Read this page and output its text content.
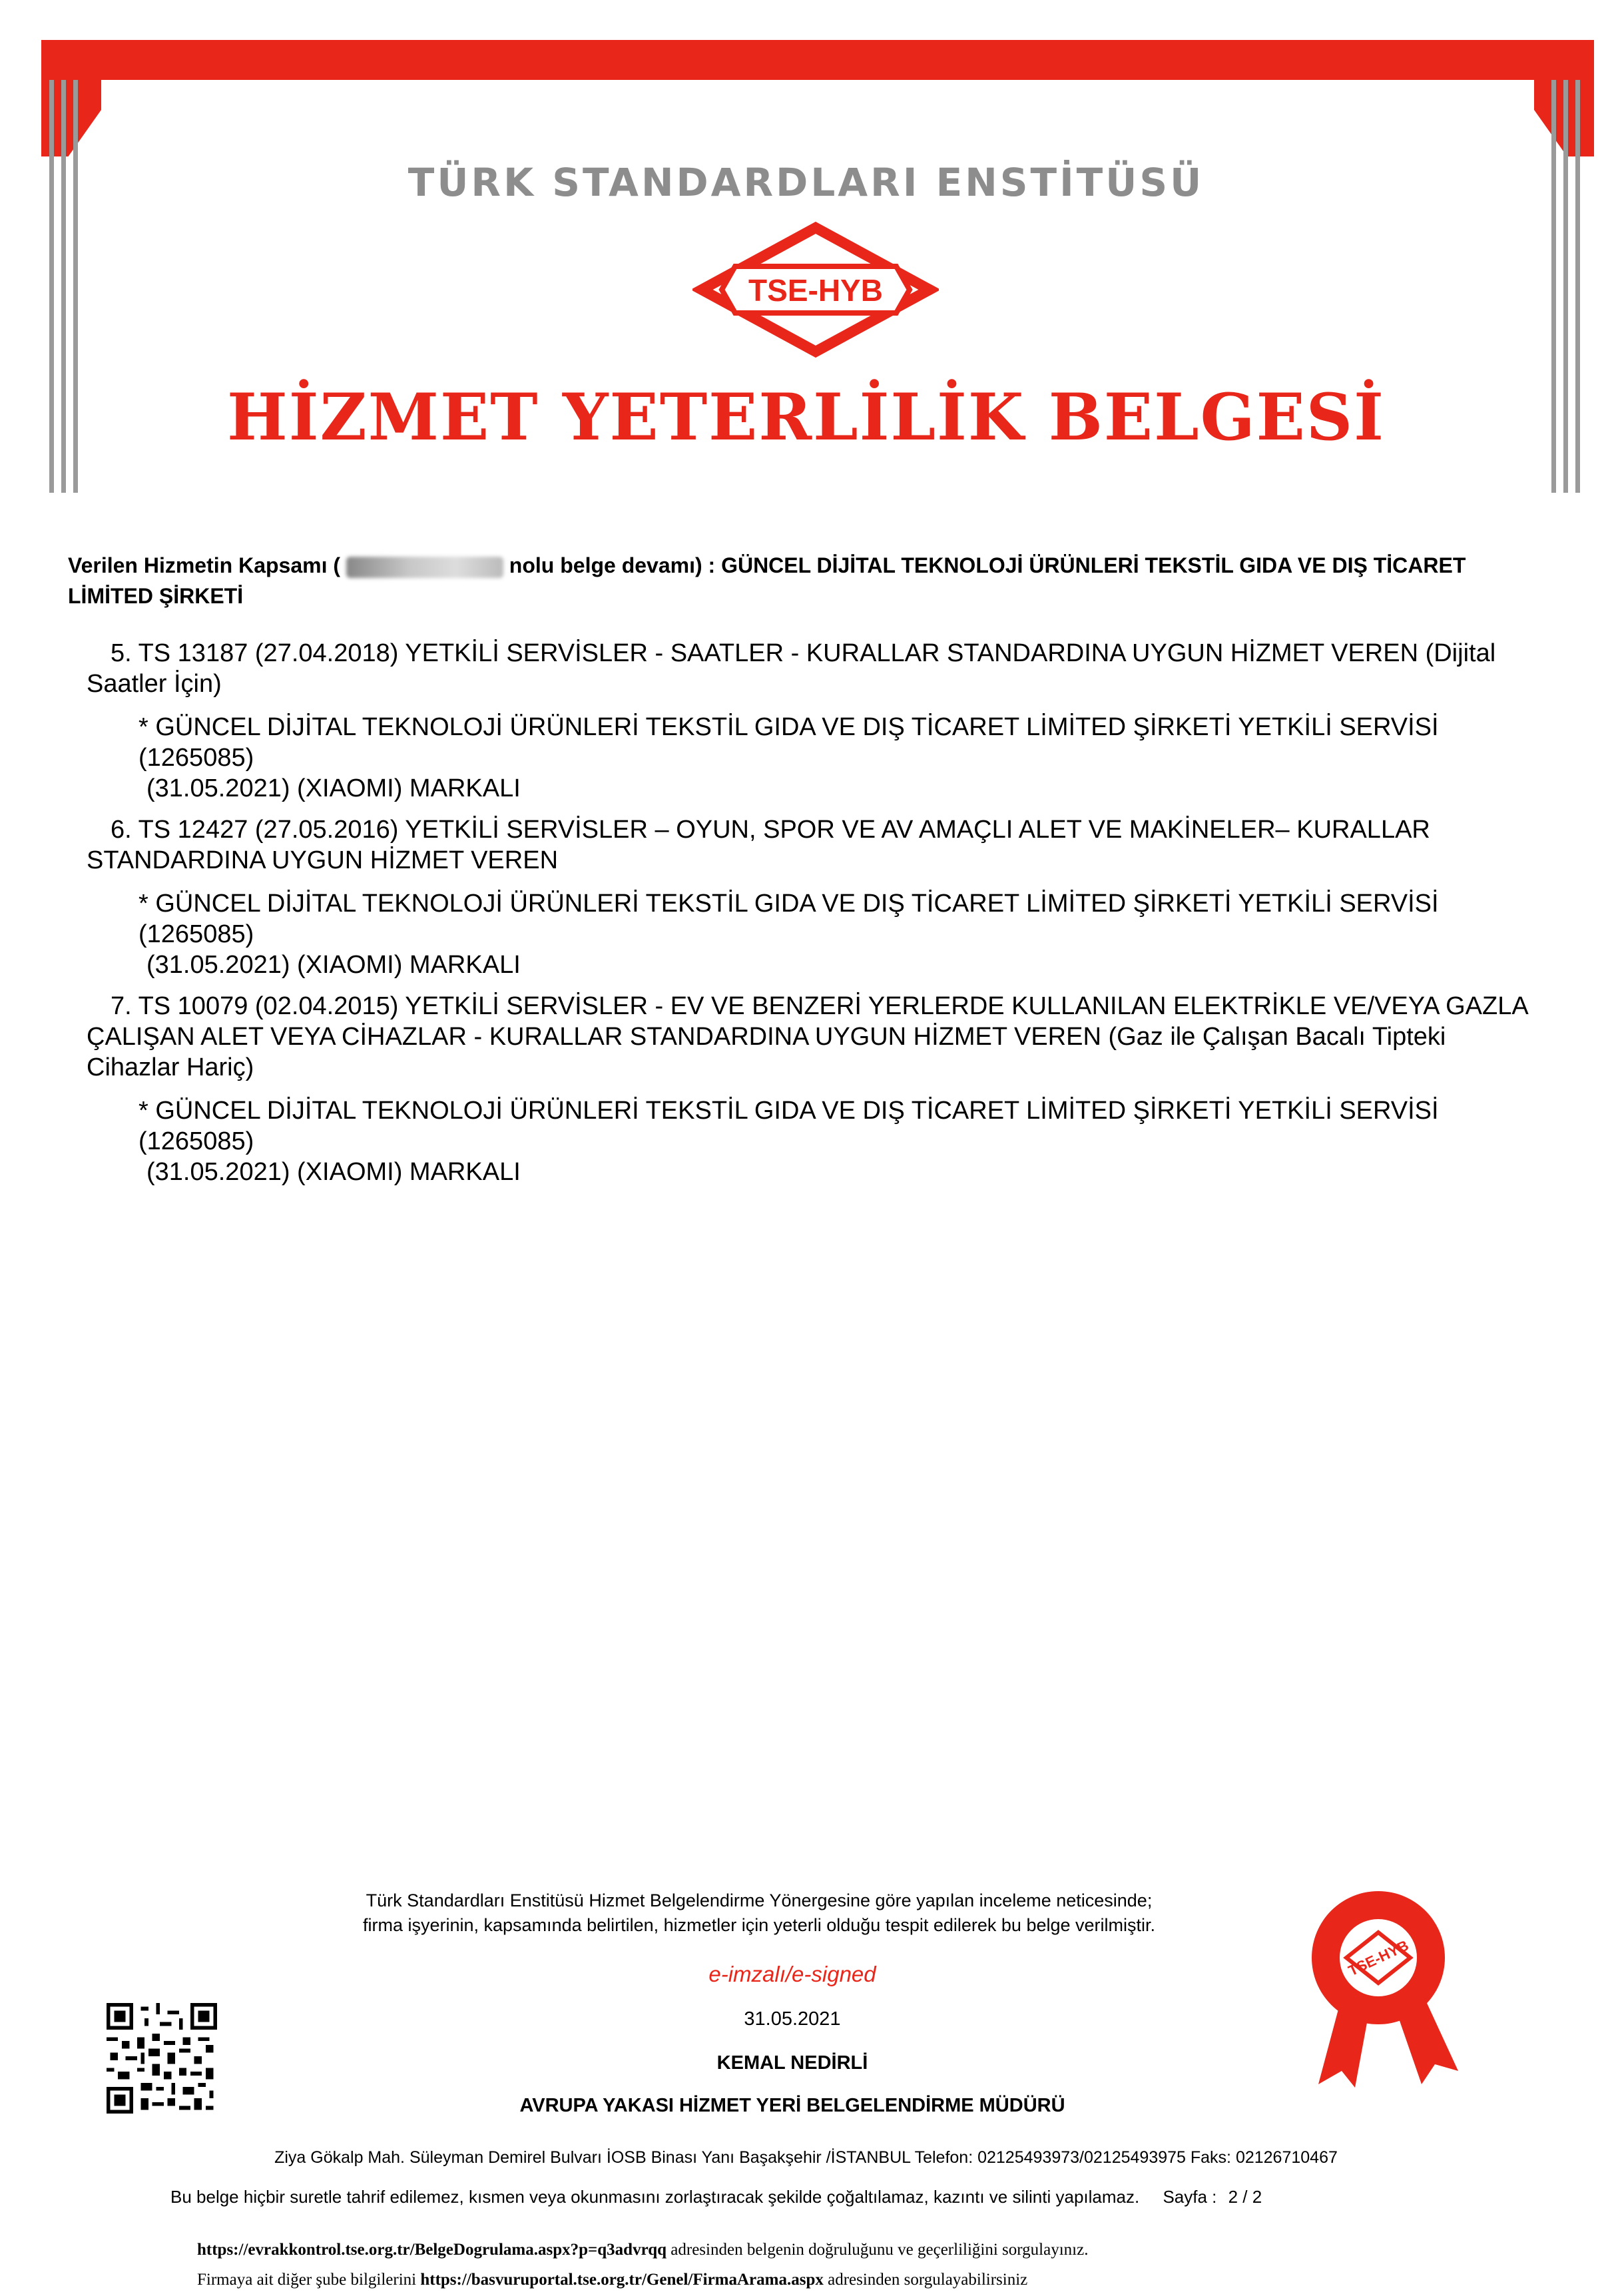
TÜRK STANDARDLARI ENSTİTÜSÜ
TSE-HYB
HİZMET YETERLİLİK BELGESİ
Verilen Hizmetin Kapsamı (	nolu belge devamı) : GÜNCEL DİJİTAL TEKNOLOJİ ÜRÜNLERİ TEKSTİL GIDA VE DIŞ TİCARET LİMİTED ŞİRKETİ
5. TS 13187 (27.04.2018) YETKİLİ SERVİSLER - SAATLER - KURALLAR STANDARDINA UYGUN HİZMET VEREN (Dijital Saatler İçin)
* GÜNCEL DİJİTAL TEKNOLOJİ ÜRÜNLERİ TEKSTİL GIDA VE DIŞ TİCARET LİMİTED ŞİRKETİ YETKİLİ SERVİSİ (1265085)
(31.05.2021) (XIAOMI) MARKALI
6. TS 12427 (27.05.2016) YETKİLİ SERVİSLER – OYUN, SPOR VE AV AMAÇLI ALET VE MAKİNELER– KURALLAR STANDARDINA UYGUN HİZMET VEREN
* GÜNCEL DİJİTAL TEKNOLOJİ ÜRÜNLERİ TEKSTİL GIDA VE DIŞ TİCARET LİMİTED ŞİRKETİ YETKİLİ SERVİSİ (1265085)
(31.05.2021) (XIAOMI) MARKALI
7. TS 10079 (02.04.2015) YETKİLİ SERVİSLER - EV VE BENZERİ YERLERDE KULLANILAN ELEKTRİKLE VE/VEYA GAZLA ÇALIŞAN ALET VEYA CİHAZLAR - KURALLAR STANDARDINA UYGUN HİZMET VEREN (Gaz ile Çalışan Bacalı Tipteki Cihazlar Hariç)
* GÜNCEL DİJİTAL TEKNOLOJİ ÜRÜNLERİ TEKSTİL GIDA VE DIŞ TİCARET LİMİTED ŞİRKETİ YETKİLİ SERVİSİ (1265085)
(31.05.2021) (XIAOMI) MARKALI
Türk Standardları Enstitüsü Hizmet Belgelendirme Yönergesine göre yapılan inceleme neticesinde;
firma işyerinin, kapsamında belirtilen, hizmetler için yeterli olduğu tespit edilerek bu belge verilmiştir.
e-imzalı/e-signed
31.05.2021
KEMAL NEDİRLİ
AVRUPA YAKASI HİZMET YERİ BELGELENDİRME MÜDÜRÜ
TSE-HYB
Ziya Gökalp Mah. Süleyman Demirel Bulvarı İOSB Binası Yanı Başakşehir /İSTANBUL Telefon: 02125493973/02125493975 Faks: 02126710467
Bu belge hiçbir suretle tahrif edilemez, kısmen veya okunmasını zorlaştıracak şekilde çoğaltılamaz, kazıntı ve silinti yapılamaz. Sayfa : 2 / 2
https://evrakkontrol.tse.org.tr/BelgeDogrulama.aspx?p=q3advrqq adresinden belgenin doğruluğunu ve geçerliliğini sorgulayınız.
Firmaya ait diğer şube bilgilerini https://basvuruportal.tse.org.tr/Genel/FirmaArama.aspx adresinden sorgulayabilirsiniz
